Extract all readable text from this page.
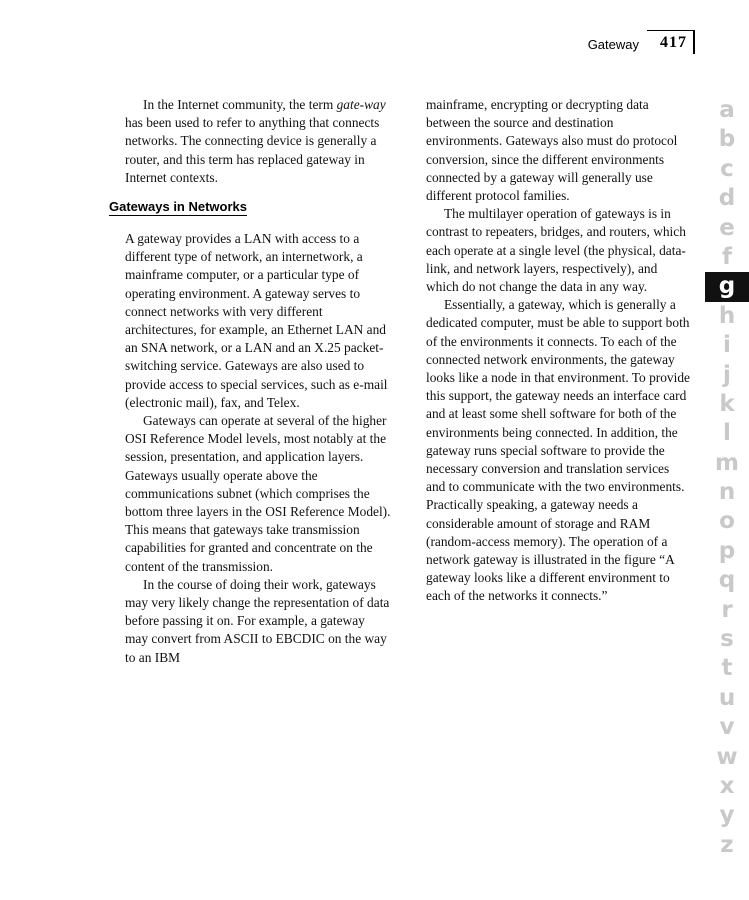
Gateway 417

In the Internet community, the term gate-way has been used to refer to anything that connects networks. The connecting device is generally a router, and this term has replaced gateway in Internet contexts.

Gateways in Networks

A gateway provides a LAN with access to a different type of network, an internetwork, a mainframe computer, or a particular type of operating environment. A gateway serves to connect networks with very different architectures, for example, an Ethernet LAN and an SNA network, or a LAN and an X.25 packet-switching service. Gateways are also used to provide access to special services, such as e-mail (electronic mail), fax, and Telex.

Gateways can operate at several of the higher OSI Reference Model levels, most notably at the session, presentation, and application layers. Gateways usually operate above the communications subnet (which comprises the bottom three layers in the OSI Reference Model). This means that gateways take transmission capabilities for granted and concentrate on the content of the transmission.

In the course of doing their work, gateways may very likely change the representation of data before passing it on. For example, a gateway may convert from ASCII to EBCDIC on the way to an IBM

mainframe, encrypting or decrypting data between the source and destination environments. Gateways also must do protocol conversion, since the different environments connected by a gateway will generally use different protocol families.

The multilayer operation of gateways is in contrast to repeaters, bridges, and routers, which each operate at a single level (the physical, data-link, and network layers, respectively), and which do not change the data in any way.

Essentially, a gateway, which is generally a dedicated computer, must be able to support both of the environments it connects. To each of the connected network environments, the gateway looks like a node in that environment. To provide this support, the gateway needs an interface card and at least some shell software for both of the environments being connected. In addition, the gateway runs special software to provide the necessary conversion and translation services and to communicate with the two environments. Practically speaking, a gateway needs a considerable amount of storage and RAM (random-access memory). The operation of a network gateway is illustrated in the figure “A gateway looks like a different environment to each of the networks it connects.”

a
b
c
d
e
f
g
h
i
j
k
l
m
n
o
p
q
r
s
t
u
v
w
x
y
z
